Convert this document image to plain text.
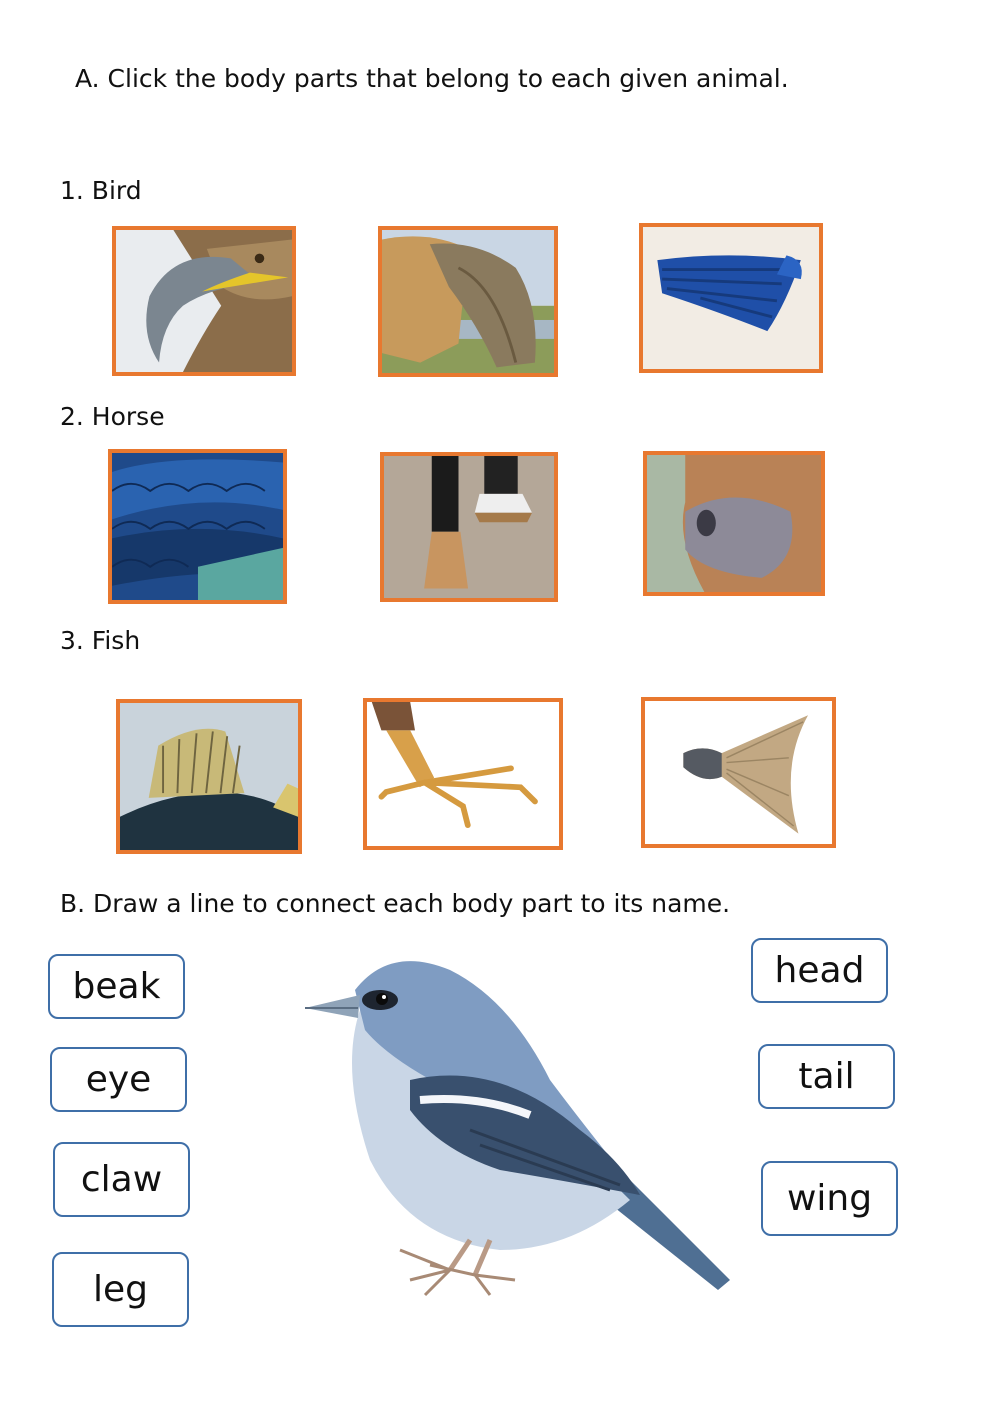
A. Click the body parts that belong to each given animal.
1. Bird
2. Horse
3. Fish
B. Draw a line to connect each body part to its name.
beak
eye
claw
leg
head
tail
wing
